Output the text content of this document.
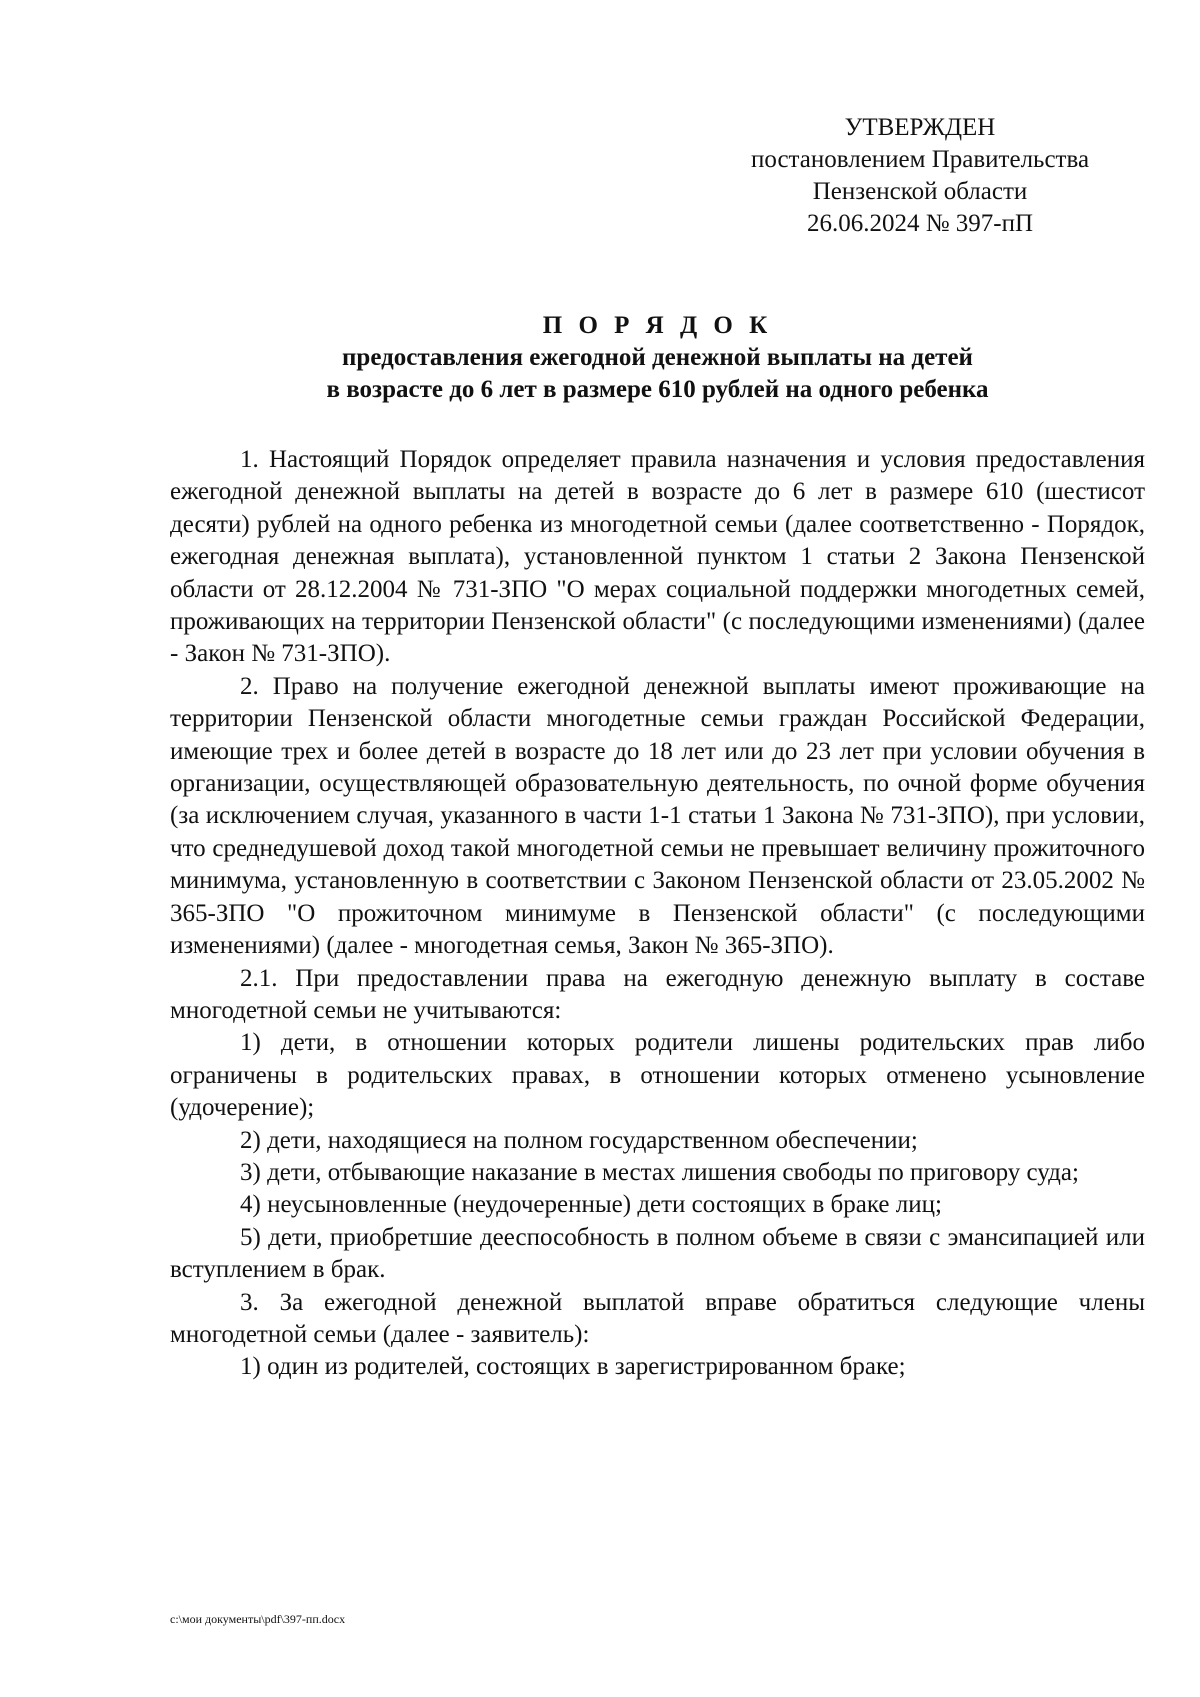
УТВЕРЖДЕН
постановлением Правительства
Пензенской области
26.06.2024 № 397-пП
П О Р Я Д О К
предоставления ежегодной денежной выплаты на детей
в возрасте до 6 лет в размере 610 рублей на одного ребенка

1. Настоящий Порядок определяет правила назначения и условия предоставления ежегодной денежной выплаты на детей в возрасте до 6 лет в размере 610 (шестисот десяти) рублей на одного ребенка из многодетной семьи (далее соответственно - Порядок, ежегодная денежная выплата), установленной пунктом 1 статьи 2 Закона Пензенской области от 28.12.2004 № 731-ЗПО "О мерах социальной поддержки многодетных семей, проживающих на территории Пензенской области" (с последующими изменениями) (далее - Закон № 731-ЗПО).

2. Право на получение ежегодной денежной выплаты имеют проживающие на территории Пензенской области многодетные семьи граждан Российской Федерации, имеющие трех и более детей в возрасте до 18 лет или до 23 лет при условии обучения в организации, осуществляющей образовательную деятельность, по очной форме обучения (за исключением случая, указанного в части 1-1 статьи 1 Закона № 731-ЗПО), при условии, что среднедушевой доход такой многодетной семьи не превышает величину прожиточного минимума, установленную в соответствии с Законом Пензенской области от 23.05.2002 № 365-ЗПО "О прожиточном минимуме в Пензенской области" (с последующими изменениями) (далее - многодетная семья, Закон № 365-ЗПО).

2.1. При предоставлении права на ежегодную денежную выплату в составе многодетной семьи не учитываются:

1) дети, в отношении которых родители лишены родительских прав либо ограничены в родительских правах, в отношении которых отменено усыновление (удочерение);

2) дети, находящиеся на полном государственном обеспечении;

3) дети, отбывающие наказание в местах лишения свободы по приговору суда;

4) неусыновленные (неудочеренные) дети состоящих в браке лиц;

5) дети, приобретшие дееспособность в полном объеме в связи с эмансипацией или вступлением в брак.

3. За ежегодной денежной выплатой вправе обратиться следующие члены многодетной семьи (далее - заявитель):

1) один из родителей, состоящих в зарегистрированном браке;

c:\мои документы\pdf\397-пп.docx
